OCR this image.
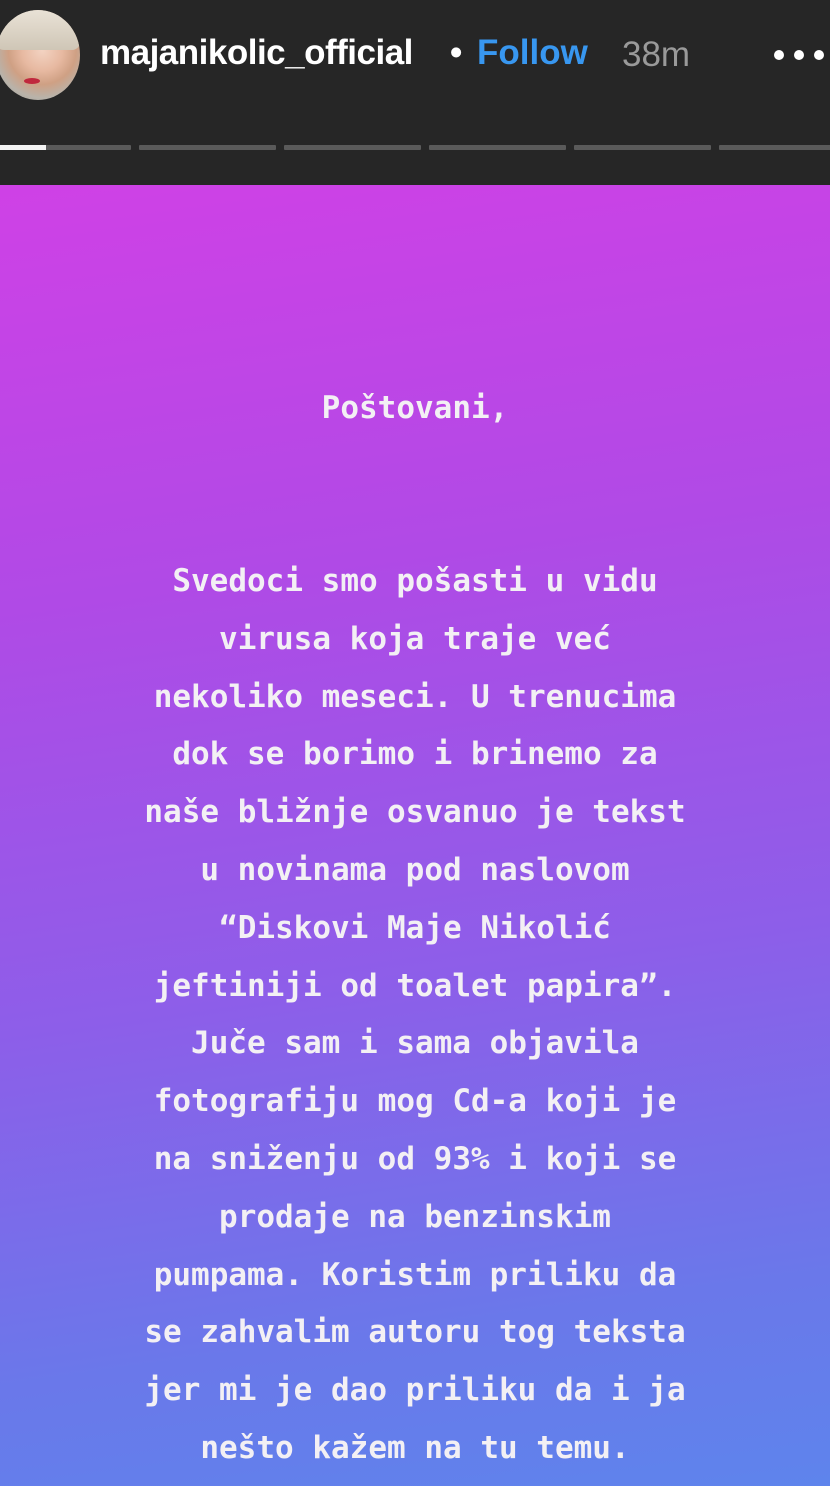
majanikolic_official • Follow 38m
Poštovani,
Svedoci smo pošasti u vidu
virusa koja traje već
nekoliko meseci. U trenucima
dok se borimo i brinemo za
naše bližnje osvanuo je tekst
u novinama pod naslovom
“Diskovi Maje Nikolić
jeftiniji od toalet papira”.
Juče sam i sama objavila
fotografiju mog Cd-a koji je
na sniženju od 93% i koji se
prodaje na benzinskim
pumpama. Koristim priliku da
se zahvalim autoru tog teksta
jer mi je dao priliku da i ja
nešto kažem na tu temu.
